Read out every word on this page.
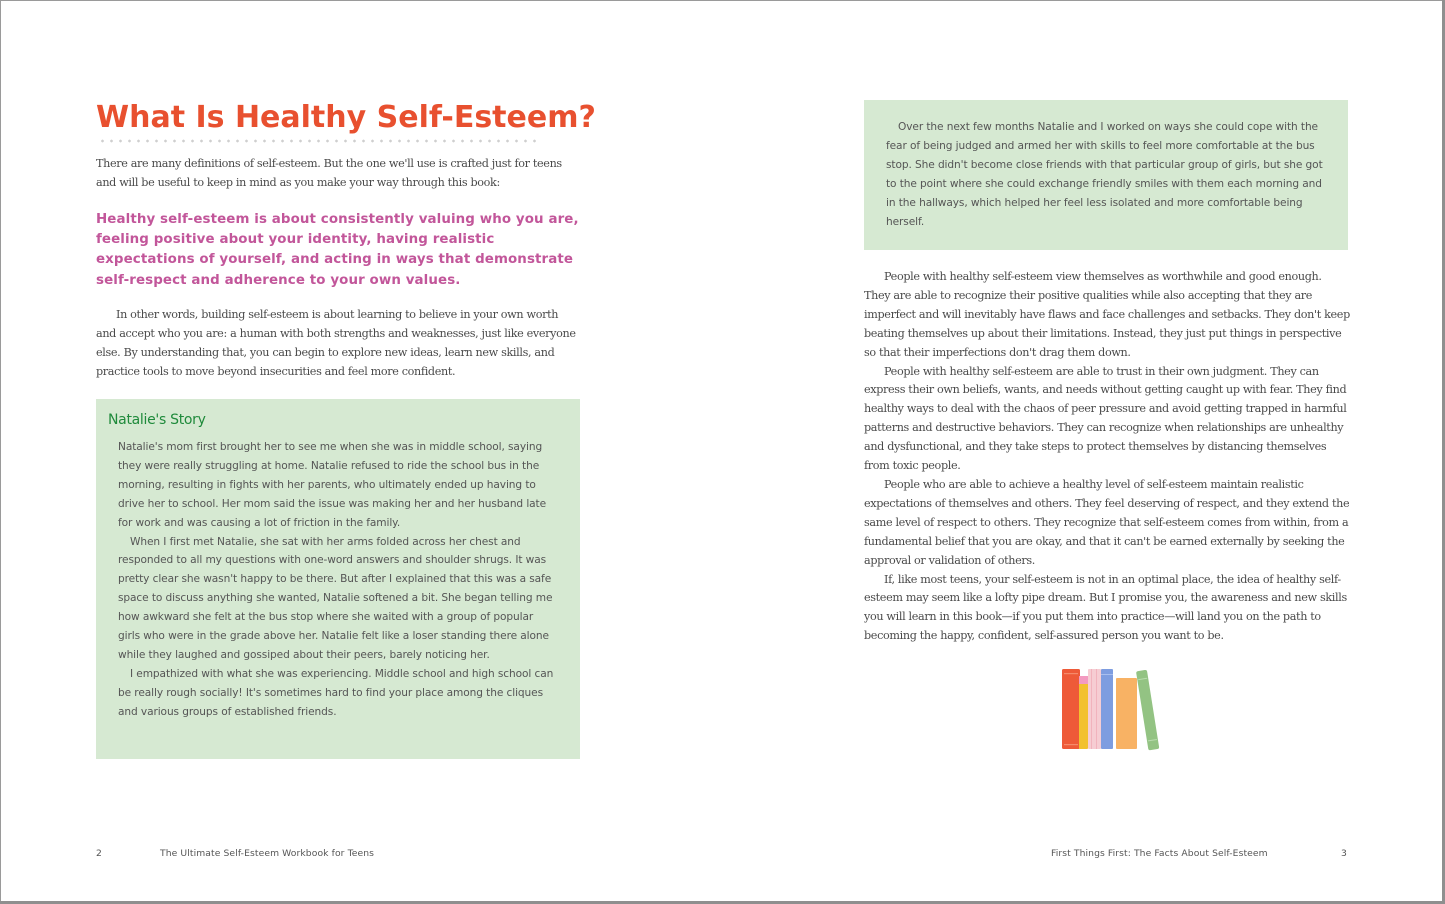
What Is Healthy Self-Esteem?

There are many definitions of self-esteem. But the one we'll use is crafted just for teens and will be useful to keep in mind as you make your way through this book:

Healthy self-esteem is about consistently valuing who you are, feeling positive about your identity, having realistic expectations of yourself, and acting in ways that demonstrate self-respect and adherence to your own values.

In other words, building self-esteem is about learning to believe in your own worth and accept who you are: a human with both strengths and weaknesses, just like everyone else. By understanding that, you can begin to explore new ideas, learn new skills, and practice tools to move beyond insecurities and feel more confident.

Natalie's Story

Natalie's mom first brought her to see me when she was in middle school, saying they were really struggling at home. Natalie refused to ride the school bus in the morning, resulting in fights with her parents, who ultimately ended up having to drive her to school. Her mom said the issue was making her and her husband late for work and was causing a lot of friction in the family.

When I first met Natalie, she sat with her arms folded across her chest and responded to all my questions with one-word answers and shoulder shrugs. It was pretty clear she wasn't happy to be there. But after I explained that this was a safe space to discuss anything she wanted, Natalie softened a bit. She began telling me how awkward she felt at the bus stop where she waited with a group of popular girls who were in the grade above her. Natalie felt like a loser standing there alone while they laughed and gossiped about their peers, barely noticing her.

I empathized with what she was experiencing. Middle school and high school can be really rough socially! It's sometimes hard to find your place among the cliques and various groups of established friends.

2	The Ultimate Self-Esteem Workbook for Teens

Over the next few months Natalie and I worked on ways she could cope with the fear of being judged and armed her with skills to feel more comfortable at the bus stop. She didn't become close friends with that particular group of girls, but she got to the point where she could exchange friendly smiles with them each morning and in the hallways, which helped her feel less isolated and more comfortable being herself.

People with healthy self-esteem view themselves as worthwhile and good enough. They are able to recognize their positive qualities while also accepting that they are imperfect and will inevitably have flaws and face challenges and setbacks. They don't keep beating themselves up about their limitations. Instead, they just put things in perspective so that their imperfections don't drag them down.

People with healthy self-esteem are able to trust in their own judgment. They can express their own beliefs, wants, and needs without getting caught up with fear. They find healthy ways to deal with the chaos of peer pressure and avoid getting trapped in harmful patterns and destructive behaviors. They can recognize when relationships are unhealthy and dysfunctional, and they take steps to protect themselves by distancing themselves from toxic people.

People who are able to achieve a healthy level of self-esteem maintain realistic expectations of themselves and others. They feel deserving of respect, and they extend the same level of respect to others. They recognize that self-esteem comes from within, from a fundamental belief that you are okay, and that it can't be earned externally by seeking the approval or validation of others.

If, like most teens, your self-esteem is not in an optimal place, the idea of healthy self-esteem may seem like a lofty pipe dream. But I promise you, the awareness and new skills you will learn in this book—if you put them into practice—will land you on the path to becoming the happy, confident, self-assured person you want to be.

First Things First: The Facts About Self-Esteem	3
